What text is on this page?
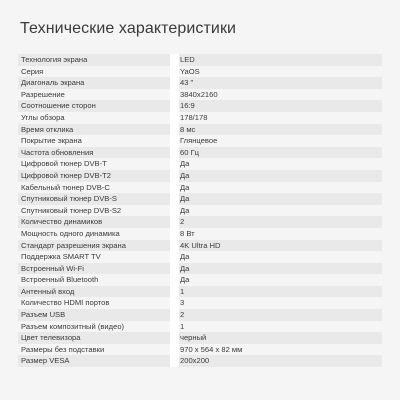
Технические характеристики
Технология экрана	LED
Серия	YaOS
Диагональ экрана	43 "
Разрешение	3840x2160
Соотношение сторон	16:9
Углы обзора	178/178
Время отклика	8 мс
Покрытие экрана	Глянцевое
Частота обновления	60 Гц
Цифровой тюнер DVB-T	Да
Цифровой тюнер DVB-T2	Да
Кабельный тюнер DVB-C	Да
Спутниковый тюнер DVB-S	Да
Спутниковый тюнер DVB-S2	Да
Количество динамиков	2
Мощность одного динамика	8 Вт
Стандарт разрешения экрана	4K Ultra HD
Поддержка SMART TV	Да
Встроенный Wi-Fi	Да
Встроенный Bluetooth	Да
Антенный вход	1
Количество HDMI портов	3
Разъем USB	2
Разъем композитный (видео)	1
Цвет телевизора	черный
Размеры без подставки	970 x 564 x 82 мм
Размер VESA	200x200
